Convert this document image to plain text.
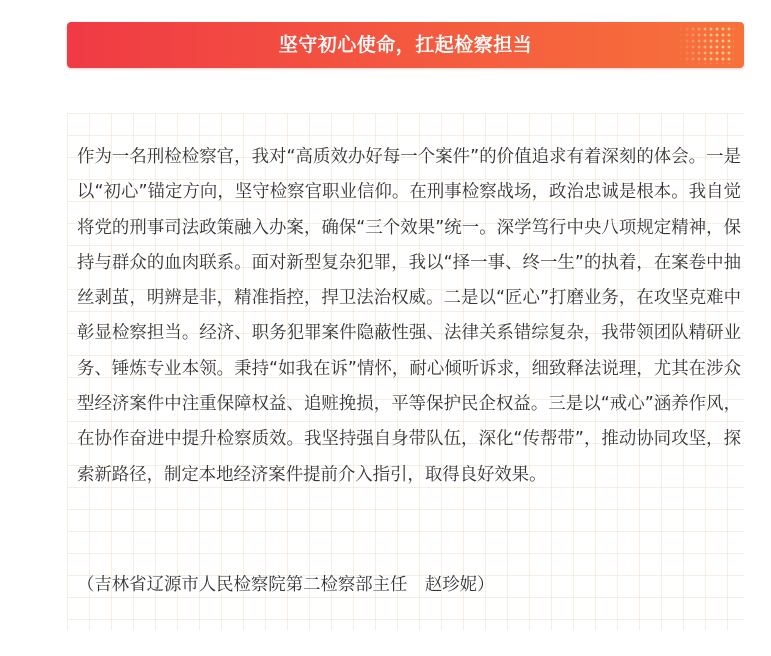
坚守初心使命，扛起检察担当

作为一名刑检检察官，我对“高质效办好每一个案件”的价值追求有着深刻的体会。一是以“初心”锚定方向，坚守检察官职业信仰。在刑事检察战场，政治忠诚是根本。我自觉将党的刑事司法政策融入办案，确保“三个效果”统一。深学笃行中央八项规定精神，保持与群众的血肉联系。面对新型复杂犯罪，我以“择一事、终一生”的执着，在案卷中抽丝剥茧，明辨是非，精准指控，捍卫法治权威。二是以“匠心”打磨业务，在攻坚克难中彰显检察担当。经济、职务犯罪案件隐蔽性强、法律关系错综复杂，我带领团队精研业务、锤炼专业本领。秉持“如我在诉”情怀，耐心倾听诉求，细致释法说理，尤其在涉众型经济案件中注重保障权益、追赃挽损，平等保护民企权益。三是以“戒心”涵养作风，在协作奋进中提升检察质效。我坚持强自身带队伍，深化“传帮带”，推动协同攻坚，探索新路径，制定本地经济案件提前介入指引，取得良好效果。

（吉林省辽源市人民检察院第二检察部主任　赵珍妮）
